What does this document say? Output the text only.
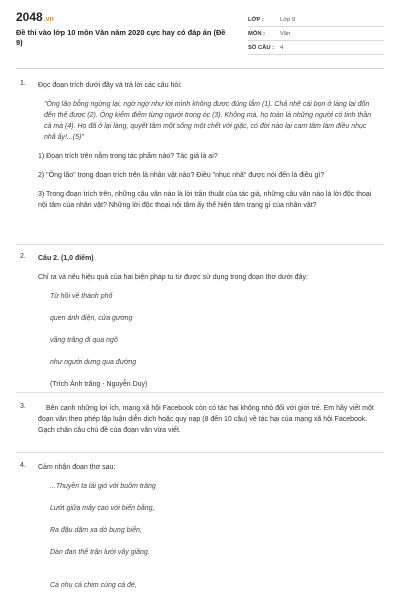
2048.vn
Đề thi vào lớp 10 môn Văn năm 2020 cực hay có đáp án (Đề 9)
LỚP :	Lớp 9
MÔN :	Văn
SỐ CÂU :	4
1. Đọc đoạn trích dưới đây và trả lời các câu hỏi:

"Ông lão bỗng ngừng lại, ngờ ngợ như lời mình không được đúng lắm (1). Chả nhẽ cái bọn ở làng lại đốn đến thế được (2). Ông kiểm điểm từng người trong óc (3). Không mà, họ toàn là những người có tinh thần cả mà (4). Họ đã ở lại làng, quyết tâm một sống một chết với giặc, có đời nào lại cam tâm làm điều nhục nhã ấy!...(5)"

1) Đoạn trích trên nằm trong tác phẩm nào? Tác giả là ai?

2) "Ông lão" trong đoạn trích trên là nhân vật nào? Điều "nhục nhã" được nói đến là điều gì?

3) Trong đoạn trích trên, những câu văn nào là lời trần thuật của tác giả, những câu văn nào là lời độc thoại nội tâm của nhân vật? Những lời độc thoại nội tâm ấy thể hiện tâm trạng gì của nhân vật?

2. Câu 2. (1,0 điểm)

Chỉ ra và nêu hiệu quả của hai biện pháp tu từ được sử dụng trong đoạn thơ dưới đây:

Từ hồi về thành phố

quen ánh điện, cửa gương

vầng trăng đi qua ngõ

như người dưng qua đường

(Trích Ánh trăng - Nguyễn Duy)

3.	Bên cạnh những lợi ích, mạng xã hội Facebook còn có tác hại không nhỏ đối với giới trẻ. Em hãy viết một đoạn văn theo phép lập luận diễn dịch hoặc quy nạp (8 đến 10 câu) về tác hại của mạng xã hội Facebook. Gạch chân câu chủ đề của đoạn văn vừa viết.

4. Cảm nhận đoạn thơ sau:

...Thuyền ta lái gió với buồm trăng

Lướt giữa mây cao với biển bằng,

Ra đậu dặm xa dò bụng biển,

Dàn đan thế trận lưới vây giăng.

Cá nhụ cá chim cùng cá đé,
